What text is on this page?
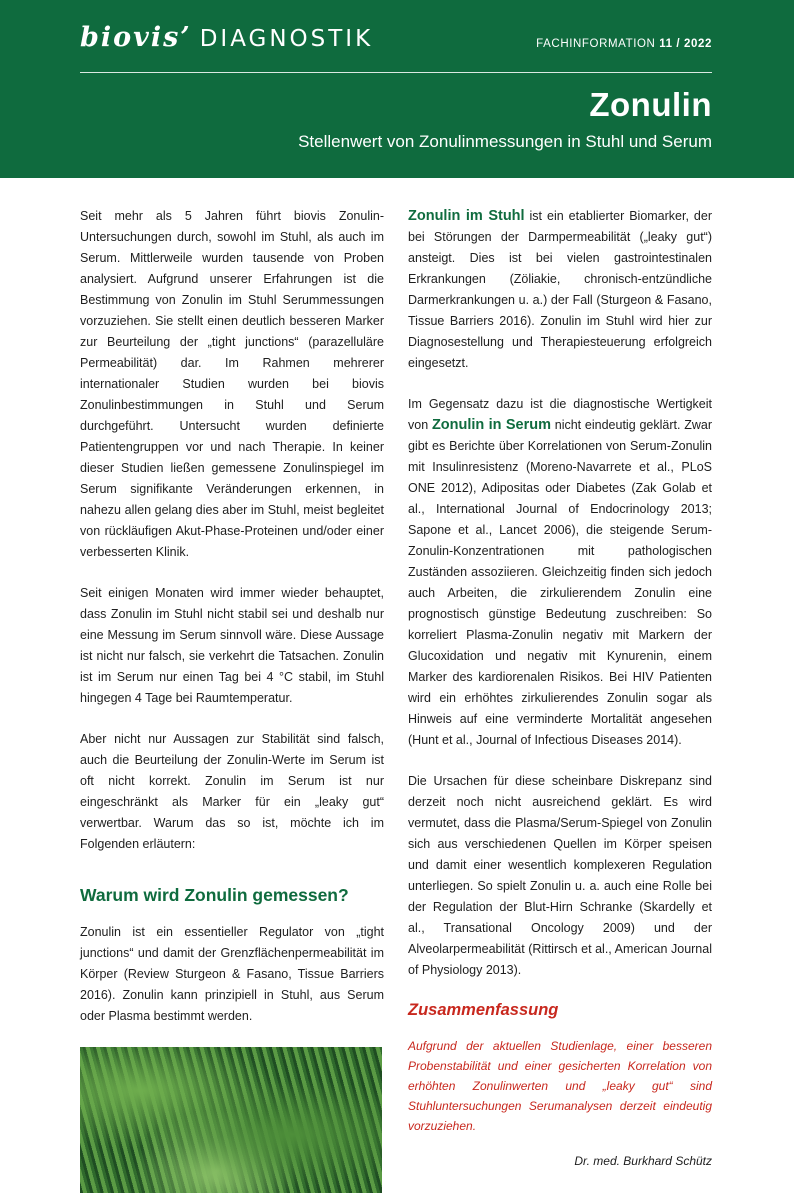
biovis’ DIAGNOSTIK	FACHINFORMATION 11 / 2022
Zonulin
Stellenwert von Zonulinmessungen in Stuhl und Serum

Seit mehr als 5 Jahren führt biovis Zonulin- Untersuchungen durch, sowohl im Stuhl, als auch im Serum. Mittlerweile wurden tausende von Proben analysiert. Aufgrund unserer Erfahrungen ist die Bestimmung von Zonulin im Stuhl Serummessungen vorzuziehen. Sie stellt einen deutlich besseren Marker zur Beurteilung der „tight junctions“ (parazelluläre Permeabilität) dar. Im Rahmen mehrerer internationaler Studien wurden bei biovis Zonulinbestimmungen in Stuhl und Serum durchgeführt. Untersucht wurden definierte Patientengruppen vor und nach Therapie. In keiner dieser Studien ließen gemessene Zonulinspiegel im Serum signifikante Veränderungen erkennen, in nahezu allen gelang dies aber im Stuhl, meist begleitet von rückläufigen Akut-Phase-Proteinen und/oder einer verbesserten Klinik.

Seit einigen Monaten wird immer wieder behauptet, dass Zonulin im Stuhl nicht stabil sei und deshalb nur eine Messung im Serum sinnvoll wäre. Diese Aussage ist nicht nur falsch, sie verkehrt die Tatsachen. Zonulin ist im Serum nur einen Tag bei 4 °C stabil, im Stuhl hingegen 4 Tage bei Raumtemperatur.

Aber nicht nur Aussagen zur Stabilität sind falsch, auch die Beurteilung der Zonulin-Werte im Serum ist oft nicht korrekt. Zonulin im Serum ist nur eingeschränkt als Marker für ein „leaky gut“ verwertbar. Warum das so ist, möchte ich im Folgenden erläutern:

Warum wird Zonulin gemessen?

Zonulin ist ein essentieller Regulator von „tight junctions“ und damit der Grenzflächenpermeabilität im Körper (Review Sturgeon & Fasano, Tissue Barriers 2016). Zonulin kann prinzipiell in Stuhl, aus Serum oder Plasma bestimmt werden.

Zonulin im Stuhl ist ein etablierter Biomarker, der bei Störungen der Darmpermeabilität („leaky gut“) ansteigt. Dies ist bei vielen gastrointestinalen Erkrankungen (Zöliakie, chronisch-entzündliche Darmerkrankungen u. a.) der Fall (Sturgeon & Fasano, Tissue Barriers 2016). Zonulin im Stuhl wird hier zur Diagnosestellung und Therapiesteuerung erfolgreich eingesetzt.

Im Gegensatz dazu ist die diagnostische Wertigkeit von Zonulin in Serum nicht eindeutig geklärt. Zwar gibt es Berichte über Korrelationen von Serum-Zonulin mit Insulinresistenz (Moreno-Navarrete et al., PLoS ONE 2012), Adipositas oder Diabetes (Zak Golab et al., International Journal of Endocrinology 2013; Sapone et al., Lancet 2006), die steigende Serum-Zonulin-Konzentrationen mit pathologischen Zuständen assoziieren. Gleichzeitig finden sich jedoch auch Arbeiten, die zirkulierendem Zonulin eine prognostisch günstige Bedeutung zuschreiben: So korreliert Plasma-Zonulin negativ mit Markern der Glucoxidation und negativ mit Kynurenin, einem Marker des kardiorenalen Risikos. Bei HIV Patienten wird ein erhöhtes zirkulierendes Zonulin sogar als Hinweis auf eine verminderte Mortalität angesehen (Hunt et al., Journal of Infectious Diseases 2014).

Die Ursachen für diese scheinbare Diskrepanz sind derzeit noch nicht ausreichend geklärt. Es wird vermutet, dass die Plasma/Serum-Spiegel von Zonulin sich aus verschiedenen Quellen im Körper speisen und damit einer wesentlich komplexeren Regulation unterliegen. So spielt Zonulin u. a. auch eine Rolle bei der Regulation der Blut-Hirn Schranke (Skardelly et al., Transational Oncology 2009) und der Alveolarpermeabilität (Rittirsch et al., American Journal of Physiology 2013).

Zusammenfassung
Aufgrund der aktuellen Studienlage, einer besseren Probenstabilität und einer gesicherten Korrelation von erhöhten Zonulinwerten und „leaky gut“ sind Stuhluntersuchungen Serumanalysen derzeit eindeutig vorzuziehen.
Dr. med. Burkhard Schütz
